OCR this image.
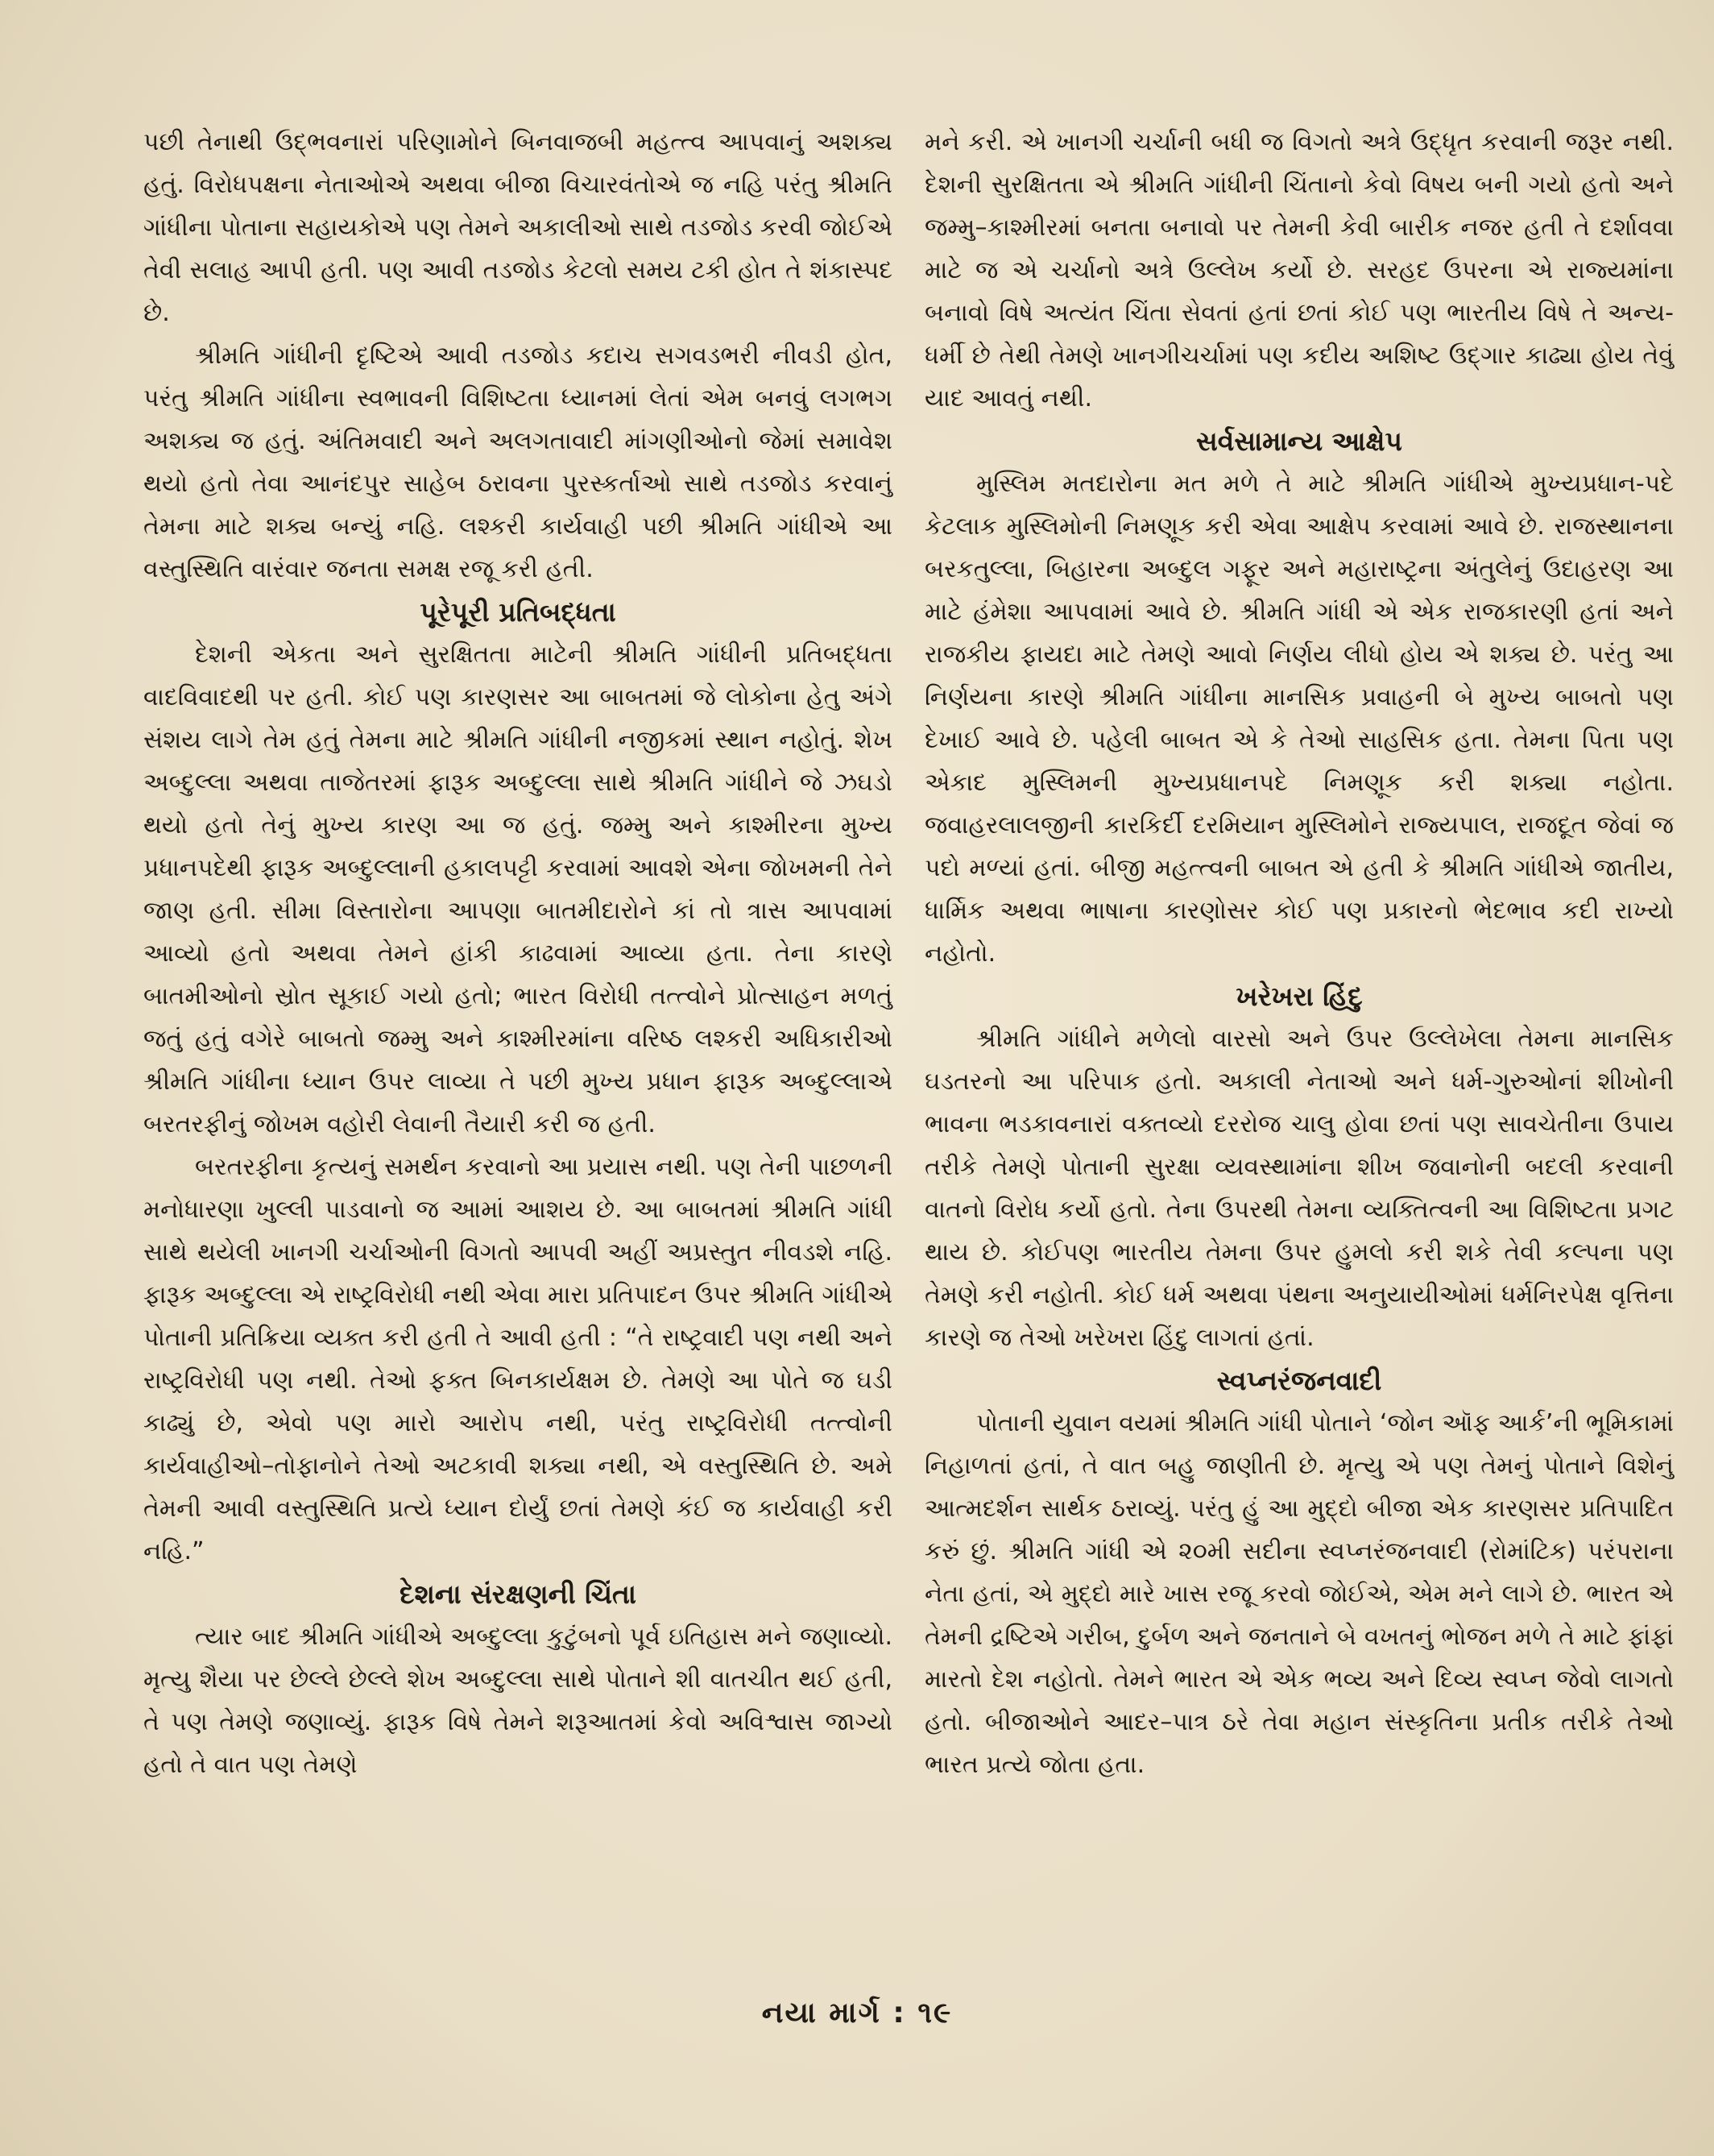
પછી તેનાથી ઉદ્ભવનારાં પરિણામોને બિનવાજબી મહત્ત્વ આપવાનું અશક્ય હતું. વિરોધપક્ષના નેતાઓએ અથવા બીજા વિચારવંતોએ જ નહિ પરંતુ શ્રીમતિ ગાંધીના પોતાના સહાયકોએ પણ તેમને અકાલીઓ સાથે તડજોડ કરવી જોઈએ તેવી સલાહ આપી હતી. પણ આવી તડજોડ કેટલો સમય ટકી હોત તે શંકાસ્પદ છે.

શ્રીમતિ ગાંધીની દૃષ્ટિએ આવી તડજોડ કદાચ સગવડભરી નીવડી હોત, પરંતુ શ્રીમતિ ગાંધીના સ્વભાવની વિશિષ્ટતા ધ્યાનમાં લેતાં એમ બનવું લગભગ અશક્ય જ હતું. અંતિમવાદી અને અલગતાવાદી માંગણીઓનો જેમાં સમાવેશ થયો હતો તેવા આનંદપુર સાહેબ ઠરાવના પુરસ્કર્તાઓ સાથે તડજોડ કરવાનું તેમના માટે શક્ય બન્યું નહિ. લશ્કરી કાર્યવાહી પછી શ્રીમતિ ગાંધીએ આ વસ્તુસ્થિતિ વારંવાર જનતા સમક્ષ રજૂ કરી હતી.

પૂરેપૂરી પ્રતિબદ્ધતા

દેશની એકતા અને સુરક્ષિતતા માટેની શ્રીમતિ ગાંધીની પ્રતિબદ્ધતા વાદવિવાદથી પર હતી. કોઈ પણ કારણસર આ બાબતમાં જે લોકોના હેતુ અંગે સંશય લાગે તેમ હતું તેમના માટે શ્રીમતિ ગાંધીની નજીકમાં સ્થાન નહોતું. શેખ અબ્દુલ્લા અથવા તાજેતરમાં ફારૂક અબ્દુલ્લા સાથે શ્રીમતિ ગાંધીને જે ઝઘડો થયો હતો તેનું મુખ્ય કારણ આ જ હતું. જમ્મુ અને કાશ્મીરના મુખ્ય પ્રધાનપદેથી ફારૂક અબ્દુલ્લાની હકાલપટ્ટી કરવામાં આવશે એના જોખમની તેને જાણ હતી. સીમા વિસ્તારોના આપણા બાતમીદારોને કાં તો ત્રાસ આપવામાં આવ્યો હતો અથવા તેમને હાંકી કાઢવામાં આવ્યા હતા. તેના કારણે બાતમીઓનો સ્રોત સૂકાઈ ગયો હતો; ભારત વિરોધી તત્ત્વોને પ્રોત્સાહન મળતું જતું હતું વગેરે બાબતો જમ્મુ અને કાશ્મીરમાંના વરિષ્ઠ લશ્કરી અધિકારીઓ શ્રીમતિ ગાંધીના ધ્યાન ઉપર લાવ્યા તે પછી મુખ્ય પ્રધાન ફારૂક અબ્દુલ્લાએ બરતરફીનું જોખમ વહોરી લેવાની તૈયારી કરી જ હતી.

બરતરફીના કૃત્યનું સમર્થન કરવાનો આ પ્રયાસ નથી. પણ તેની પાછળની મનોધારણા ખુલ્લી પાડવાનો જ આમાં આશય છે. આ બાબતમાં શ્રીમતિ ગાંધી સાથે થયેલી ખાનગી ચર્ચાઓની વિગતો આપવી અહીં અપ્રસ્તુત નીવડશે નહિ. ફારૂક અબ્દુલ્લા એ રાષ્ટ્રવિરોધી નથી એવા મારા પ્રતિપાદન ઉપર શ્રીમતિ ગાંધીએ પોતાની પ્રતિક્રિયા વ્યક્ત કરી હતી તે આવી હતી : “તે રાષ્ટ્રવાદી પણ નથી અને રાષ્ટ્રવિરોધી પણ નથી. તેઓ ફક્ત બિનકાર્યક્ષમ છે. તેમણે આ પોતે જ ઘડી કાઢ્યું છે, એવો પણ મારો આરોપ નથી, પરંતુ રાષ્ટ્રવિરોધી તત્ત્વોની કાર્યવાહીઓ–તોફાનોને તેઓ અટકાવી શક્યા નથી, એ વસ્તુસ્થિતિ છે. અમે તેમની આવી વસ્તુસ્થિતિ પ્રત્યે ધ્યાન દોર્યું છતાં તેમણે કંઈ જ કાર્યવાહી કરી નહિ.”

દેશના સંરક્ષણની ચિંતા

ત્યાર બાદ શ્રીમતિ ગાંધીએ અબ્દુલ્લા કુટુંબનો પૂર્વ ઇતિહાસ મને જણાવ્યો. મૃત્યુ શૈયા પર છેલ્લે છેલ્લે શેખ અબ્દુલ્લા સાથે પોતાને શી વાતચીત થઈ હતી, તે પણ તેમણે જણાવ્યું. ફારૂક વિષે તેમને શરૂઆતમાં કેવો અવિશ્વાસ જાગ્યો હતો તે વાત પણ તેમણે

મને કરી. એ ખાનગી ચર્ચાની બધી જ વિગતો અત્રે ઉદ્ધૃત કરવાની જરૂર નથી. દેશની સુરક્ષિતતા એ શ્રીમતિ ગાંધીની ચિંતાનો કેવો વિષય બની ગયો હતો અને જમ્મુ–કાશ્મીરમાં બનતા બનાવો પર તેમની કેવી બારીક નજર હતી તે દર્શાવવા માટે જ એ ચર્ચાનો અત્રે ઉલ્લેખ કર્યો છે. સરહદ ઉપરના એ રાજ્યમાંના બનાવો વિષે અત્યંત ચિંતા સેવતાં હતાં છતાં કોઈ પણ ભારતીય વિષે તે અન્ય-ધર્મી છે તેથી તેમણે ખાનગીચર્ચામાં પણ કદીય અશિષ્ટ ઉદ્ગાર કાઢ્યા હોય તેવું યાદ આવતું નથી.

સર્વસામાન્ય આક્ષેપ

મુસ્લિમ મતદારોના મત મળે તે માટે શ્રીમતિ ગાંધીએ મુખ્યપ્રધાન-પદે કેટલાક મુસ્લિમોની નિમણૂક કરી એવા આક્ષેપ કરવામાં આવે છે. રાજસ્થાનના બરકતુલ્લા, બિહારના અબ્દુલ ગફૂર અને મહારાષ્ટ્રના અંતુલેનું ઉદાહરણ આ માટે હંમેશા આપવામાં આવે છે. શ્રીમતિ ગાંધી એ એક રાજકારણી હતાં અને રાજકીય ફાયદા માટે તેમણે આવો નિર્ણય લીધો હોય એ શક્ય છે. પરંતુ આ નિર્ણયના કારણે શ્રીમતિ ગાંધીના માનસિક પ્રવાહની બે મુખ્ય બાબતો પણ દેખાઈ આવે છે. પહેલી બાબત એ કે તેઓ સાહસિક હતા. તેમના પિતા પણ એકાદ મુસ્લિમની મુખ્યપ્રધાનપદે નિમણૂક કરી શક્યા નહોતા. જવાહરલાલજીની કારકિર્દી દરમિયાન મુસ્લિમોને રાજ્યપાલ, રાજદૂત જેવાં જ પદો મળ્યાં હતાં. બીજી મહત્ત્વની બાબત એ હતી કે શ્રીમતિ ગાંધીએ જાતીય, ધાર્મિક અથવા ભાષાના કારણોસર કોઈ પણ પ્રકારનો ભેદભાવ કદી રાખ્યો નહોતો.

ખરેખરા હિંદુ

શ્રીમતિ ગાંધીને મળેલો વારસો અને ઉપર ઉલ્લેખેલા તેમના માનસિક ઘડતરનો આ પરિપાક હતો. અકાલી નેતાઓ અને ધર્મ-ગુરુઓનાં શીખોની ભાવના ભડકાવનારાં વક્તવ્યો દરરોજ ચાલુ હોવા છતાં પણ સાવચેતીના ઉપાય તરીકે તેમણે પોતાની સુરક્ષા વ્યવસ્થામાંના શીખ જવાનોની બદલી કરવાની વાતનો વિરોધ કર્યો હતો. તેના ઉપરથી તેમના વ્યક્તિત્વની આ વિશિષ્ટતા પ્રગટ થાય છે. કોઈપણ ભારતીય તેમના ઉપર હુમલો કરી શકે તેવી કલ્પના પણ તેમણે કરી નહોતી. કોઈ ધર્મ અથવા પંથના અનુયાયીઓમાં ધર્મનિરપેક્ષ વૃત્તિના કારણે જ તેઓ ખરેખરા હિંદુ લાગતાં હતાં.

સ્વપ્નરંજનવાદી

પોતાની યુવાન વયમાં શ્રીમતિ ગાંધી પોતાને ‘જોન ઑફ આર્ક’ની ભૂમિકામાં નિહાળતાં હતાં, તે વાત બહુ જાણીતી છે. મૃત્યુ એ પણ તેમનું પોતાને વિશેનું આત્મદર્શન સાર્થક ઠરાવ્યું. પરંતુ હું આ મુદ્દો બીજા એક કારણસર પ્રતિપાદિત કરું છું. શ્રીમતિ ગાંધી એ ૨૦મી સદીના સ્વપ્નરંજનવાદી (રોમાંટિક) પરંપરાના નેતા હતાં, એ મુદ્દો મારે ખાસ રજૂ કરવો જોઈએ, એમ મને લાગે છે. ભારત એ તેમની દ્રષ્ટિએ ગરીબ, દુર્બળ અને જનતાને બે વખતનું ભોજન મળે તે માટે ફાંફાં મારતો દેશ નહોતો. તેમને ભારત એ એક ભવ્ય અને દિવ્ય સ્વપ્ન જેવો લાગતો હતો. બીજાઓને આદર–પાત્ર ઠરે તેવા મહાન સંસ્કૃતિના પ્રતીક તરીકે તેઓ ભારત પ્રત્યે જોતા હતા.

નયા માર્ગ : ૧૯
